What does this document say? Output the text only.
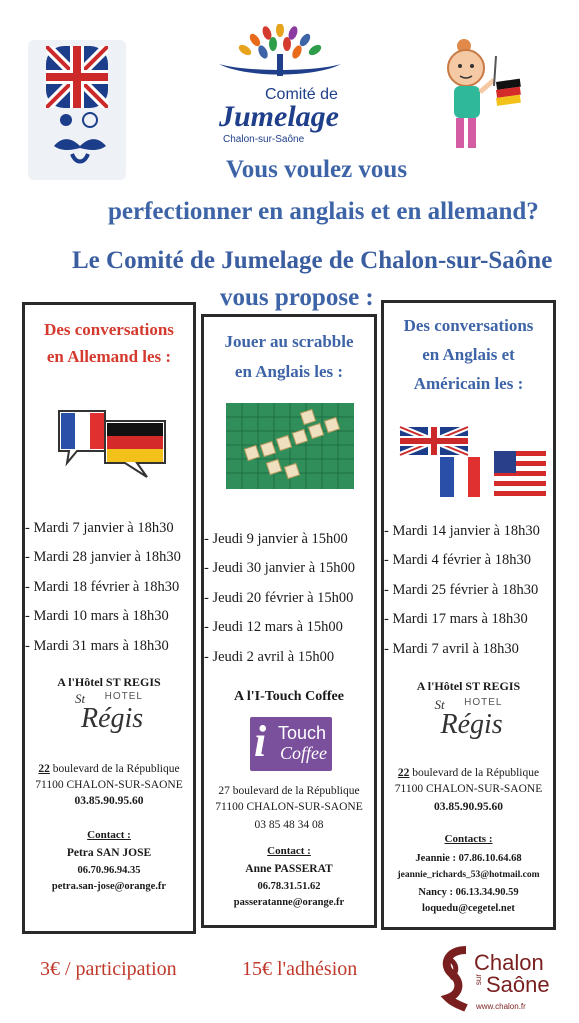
Comité de
Jumelage
Chalon-sur-Saône
Vous voulez vous
perfectionner en anglais et en allemand?
Le Comité de Jumelage de Chalon-sur-Saône
vous propose :
Des conversations
en Allemand les :
- Mardi 7 janvier à 18h30
- Mardi 28 janvier à 18h30
- Mardi 18 février à 18h30
- Mardi 10 mars à 18h30
- Mardi 31 mars à 18h30
A l'Hôtel ST REGIS
St HOTEL
Régis
22 boulevard de la République
71100 CHALON-SUR-SAONE
03.85.90.95.60
Contact :
Petra SAN JOSE
06.70.96.94.35
petra.san-jose@orange.fr
Jouer au scrabble
en Anglais les :
- Jeudi 9 janvier à 15h00
- Jeudi 30 janvier à 15h00
- Jeudi 20 février à 15h00
- Jeudi 12 mars à 15h00
- Jeudi 2 avril à 15h00
A l'I-Touch Coffee
i Touch
Coffee
27 boulevard de la République
71100 CHALON-SUR-SAONE
03 85 48 34 08
Contact :
Anne PASSERAT
06.78.31.51.62
passeratanne@orange.fr
Des conversations
en Anglais et
Américain les :
- Mardi 14 janvier à 18h30
- Mardi 4 février à 18h30
- Mardi 25 février à 18h30
- Mardi 17 mars à 18h30
- Mardi 7 avril à 18h30
A l'Hôtel ST REGIS
St HOTEL
Régis
22 boulevard de la République
71100 CHALON-SUR-SAONE
03.85.90.95.60
Contacts :
Jeannie : 07.86.10.64.68
jeannie_richards_53@hotmail.com
Nancy : 06.13.34.90.59
loquedu@cegetel.net
3€ / participation	15€ l'adhésion	Chalon
sur Saône
www.chalon.fr
